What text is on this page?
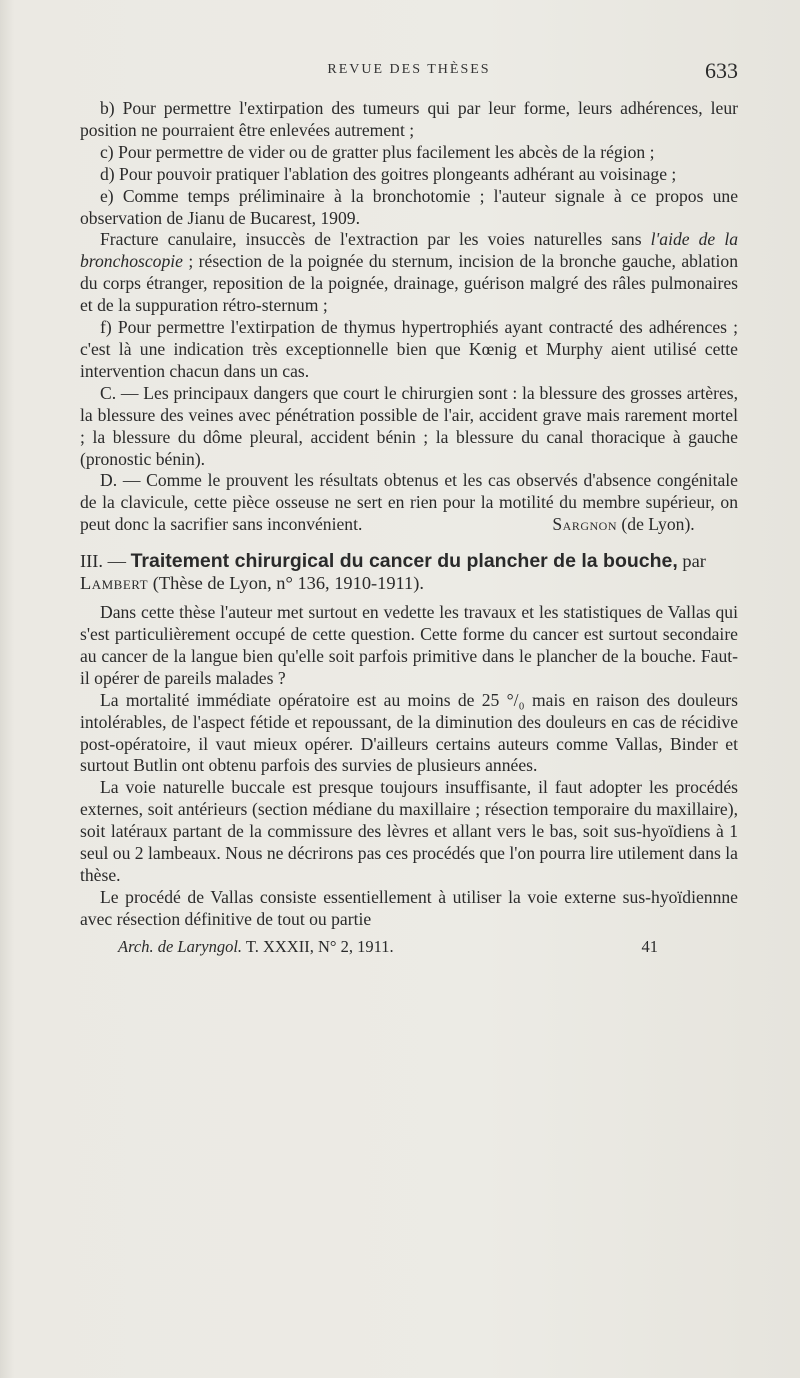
REVUE DES THÈSES	633

b) Pour permettre l'extirpation des tumeurs qui par leur forme, leurs adhérences, leur position ne pourraient être enlevées autrement ;

c) Pour permettre de vider ou de gratter plus facilement les abcès de la région ;

d) Pour pouvoir pratiquer l'ablation des goitres plongeants adhérant au voisinage ;

e) Comme temps préliminaire à la bronchotomie ; l'auteur signale à ce propos une observation de Jianu de Bucarest, 1909.

Fracture canulaire, insuccès de l'extraction par les voies naturelles sans l'aide de la bronchoscopie ; résection de la poignée du sternum, incision de la bronche gauche, ablation du corps étranger, reposition de la poignée, drainage, guérison malgré des râles pulmonaires et de la suppuration rétro-sternum ;

f) Pour permettre l'extirpation de thymus hypertrophiés ayant contracté des adhérences ; c'est là une indication très exceptionnelle bien que Kœnig et Murphy aient utilisé cette intervention chacun dans un cas.

C. — Les principaux dangers que court le chirurgien sont : la blessure des grosses artères, la blessure des veines avec pénétration possible de l'air, accident grave mais rarement mortel ; la blessure du dôme pleural, accident bénin ; la blessure du canal thoracique à gauche (pronostic bénin).

D. — Comme le prouvent les résultats obtenus et les cas observés d'absence congénitale de la clavicule, cette pièce osseuse ne sert en rien pour la motilité du membre supérieur, on peut donc la sacrifier sans inconvénient.	Sargnon (de Lyon).

III. — Traitement chirurgical du cancer du plancher de la bouche, par Lambert (Thèse de Lyon, n° 136, 1910-1911).

Dans cette thèse l'auteur met surtout en vedette les travaux et les statistiques de Vallas qui s'est particulièrement occupé de cette question. Cette forme du cancer est surtout secondaire au cancer de la langue bien qu'elle soit parfois primitive dans le plancher de la bouche. Faut-il opérer de pareils malades ?

La mortalité immédiate opératoire est au moins de 25 °/₀ mais en raison des douleurs intolérables, de l'aspect fétide et repoussant, de la diminution des douleurs en cas de récidive post-opératoire, il vaut mieux opérer. D'ailleurs certains auteurs comme Vallas, Binder et surtout Butlin ont obtenu parfois des survies de plusieurs années.

La voie naturelle buccale est presque toujours insuffisante, il faut adopter les procédés externes, soit antérieurs (section médiane du maxillaire ; résection temporaire du maxillaire), soit latéraux partant de la commissure des lèvres et allant vers le bas, soit sus-hyoïdiens à 1 seul ou 2 lambeaux. Nous ne décrirons pas ces procédés que l'on pourra lire utilement dans la thèse.

Le procédé de Vallas consiste essentiellement à utiliser la voie externe sus-hyoïdiennne avec résection définitive de tout ou partie

Arch. de Laryngol. T. XXXII, N° 2, 1911.	41
